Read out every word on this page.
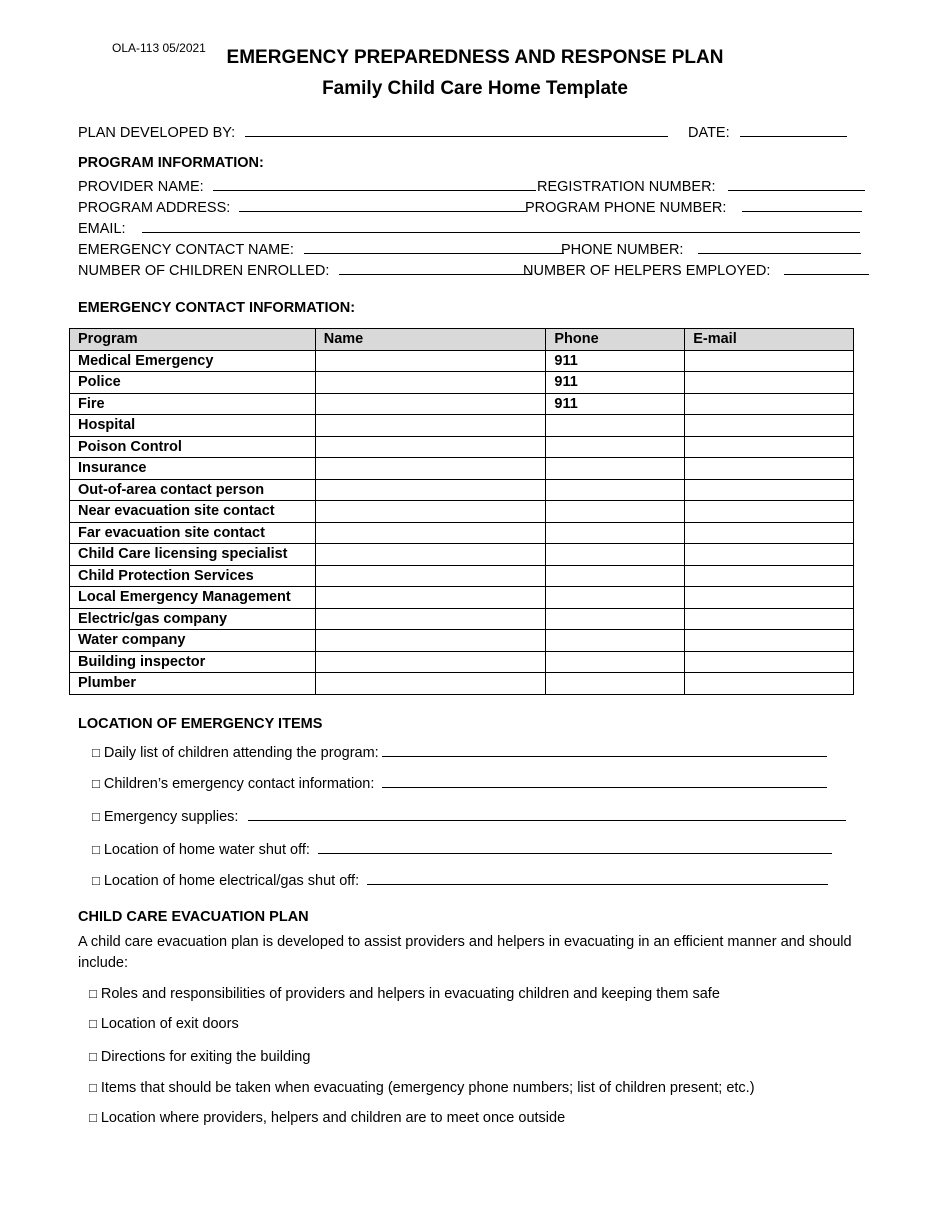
OLA-113 05/2021	EMERGENCY PREPAREDNESS AND RESPONSE PLAN
Family Child Care Home Template
PLAN DEVELOPED BY:	DATE:
PROGRAM INFORMATION:
PROVIDER NAME:	REGISTRATION NUMBER:
PROGRAM ADDRESS:	PROGRAM PHONE NUMBER:
EMAIL:
EMERGENCY CONTACT NAME:	PHONE NUMBER:
NUMBER OF CHILDREN ENROLLED:	NUMBER OF HELPERS EMPLOYED:
EMERGENCY CONTACT INFORMATION:
Program	Name	Phone	E-mail
Medical Emergency		911	
Police		911	
Fire		911	
Hospital			
Poison Control			
Insurance			
Out-of-area contact person			
Near evacuation site contact			
Far evacuation site contact			
Child Care licensing specialist			
Child Protection Services			
Local Emergency Management			
Electric/gas company			
Water company			
Building inspector			
Plumber			
LOCATION OF EMERGENCY ITEMS
□ Daily list of children attending the program:
□ Children’s emergency contact information:
□ Emergency supplies:
□ Location of home water shut off:
□ Location of home electrical/gas shut off:
CHILD CARE EVACUATION PLAN
A child care evacuation plan is developed to assist providers and helpers in evacuating in an efficient manner and should include:
□ Roles and responsibilities of providers and helpers in evacuating children and keeping them safe
□ Location of exit doors
□ Directions for exiting the building
□ Items that should be taken when evacuating (emergency phone numbers; list of children present; etc.)
□ Location where providers, helpers and children are to meet once outside
